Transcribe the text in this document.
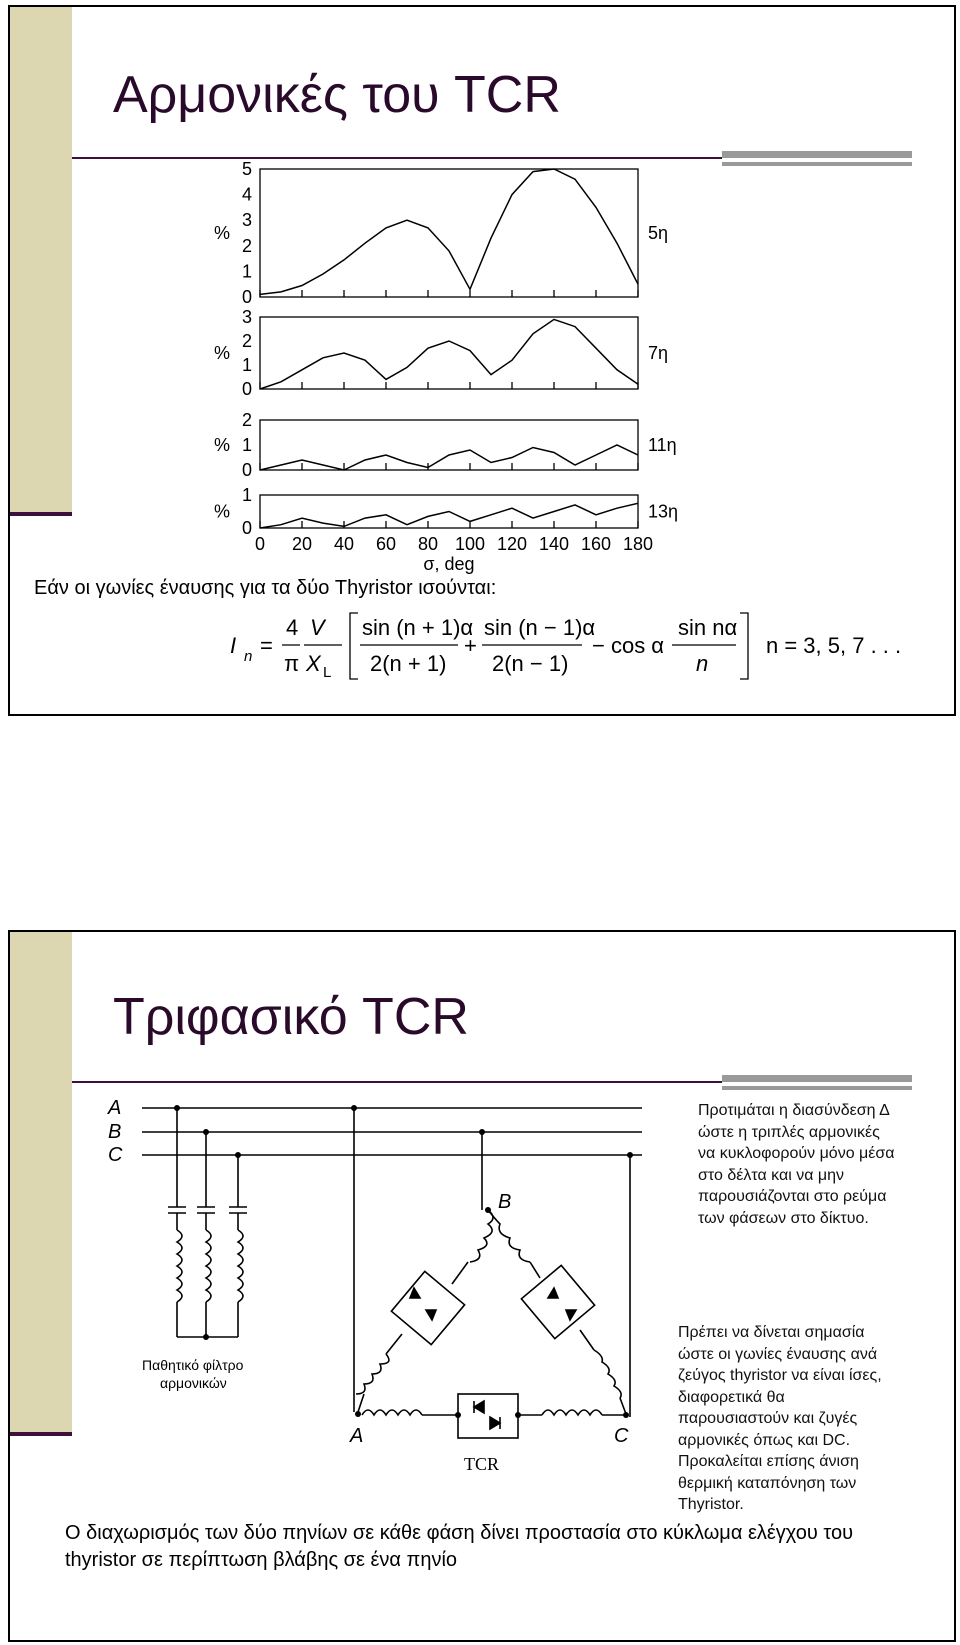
Αρμονικές του TCR
0
1
2
3
4
5
%	5η
0
1
2
3
%	7η
0
1
2
%	11η
0
1
%	13η
0 20 40 60 80 100 120 140 160 180
σ, deg
Εάν οι γωνίες έναυσης για τα δύο Thyristor ισούνται:
I n =
4
π
V
X L
sin (n + 1)α
2(n + 1)
+
sin (n − 1)α
2(n − 1)
− cos α
sin nα
n
n = 3, 5, 7 . . .
Τριφασικό TCR
A
B
C
B
A	C
TCR
Παθητικό φίλτρο
αρμονικών
Προτιμάται η διασύνδεση Δ ώστε η τριπλές αρμονικές να κυκλοφορούν μόνο μέσα στο δέλτα και να μην παρουσιάζονται στο ρεύμα των φάσεων στο δίκτυο.
Πρέπει να δίνεται σημασία ώστε οι γωνίες έναυσης ανά ζεύγος thyristor να είναι ίσες, διαφορετικά θα παρουσιαστούν και ζυγές αρμονικές όπως και DC. Προκαλείται επίσης άνιση θερμική καταπόνηση των Thyristor.
Ο διαχωρισμός των δύο πηνίων σε κάθε φάση δίνει προστασία στο κύκλωμα ελέγχου του thyristor σε περίπτωση βλάβης σε ένα πηνίο
